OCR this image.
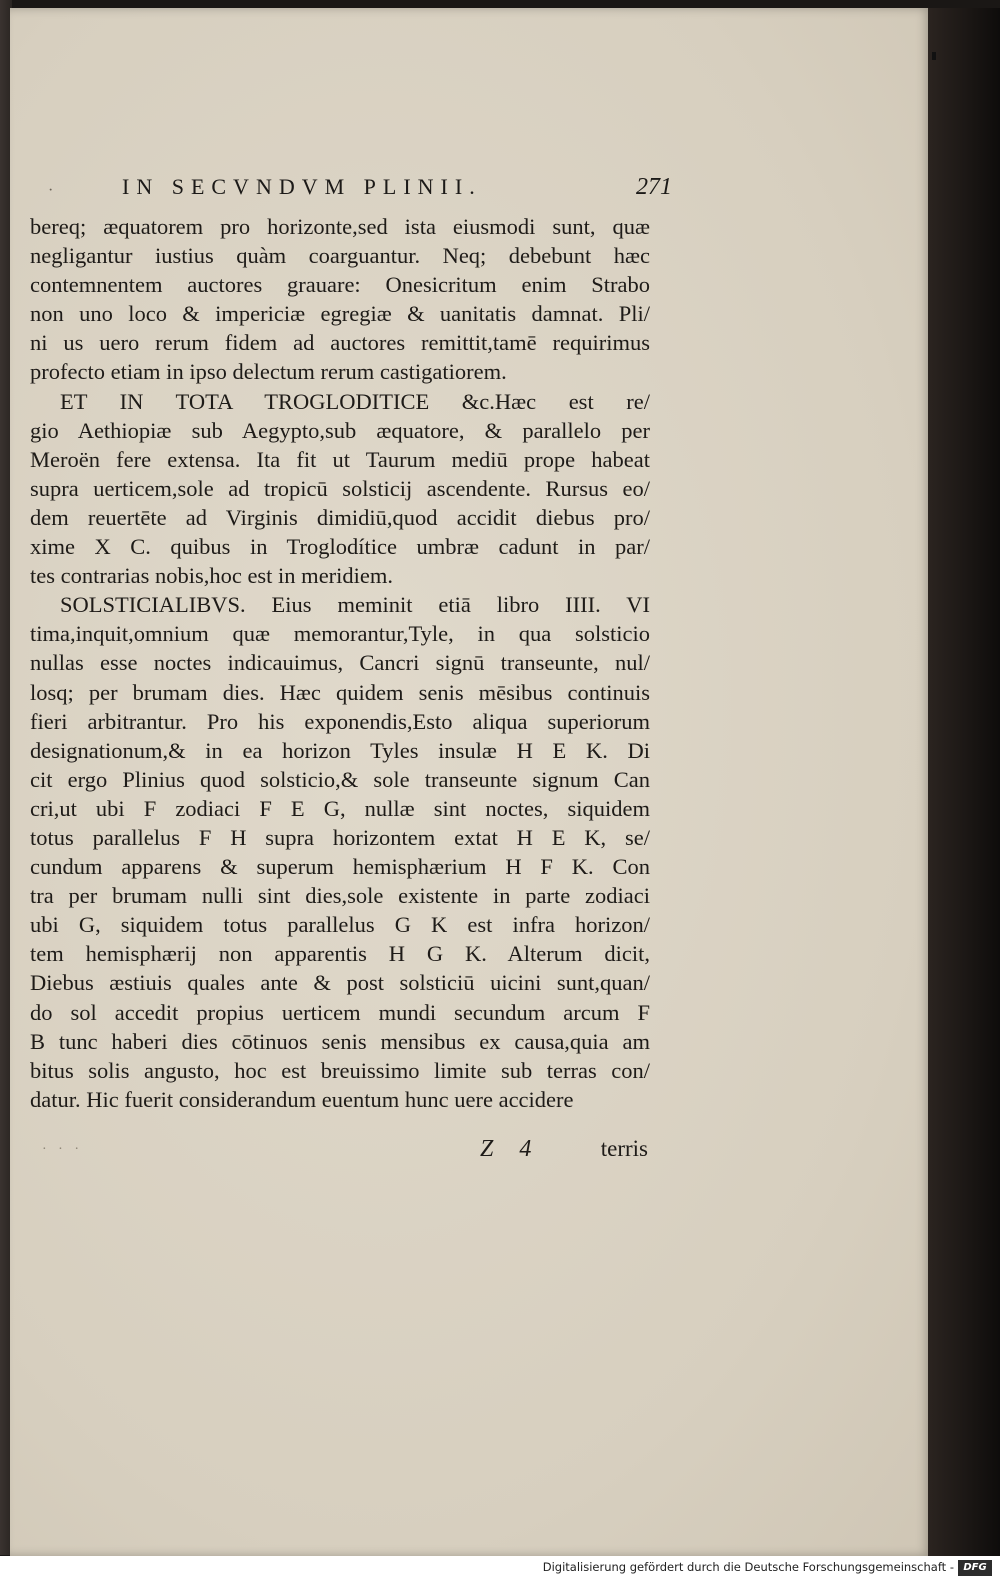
·	IN SECVNDVM PLINII.	271
bereq; æquatorem pro horizonte,sed ista eiusmodi sunt, quæ
negligantur iustius quàm coarguantur. Neq; debebunt hæc
contemnentem auctores grauare: Onesicritum enim Strabo
non uno loco & impericiæ egregiæ & uanitatis damnat. Pli/
ni us uero rerum fidem ad auctores remittit,tamē requirimus
profecto etiam in ipso delectum rerum castigatiorem.
ET IN TOTA TROGLODITICE &c.Hæc est re/
gio Aethiopiæ sub Aegypto,sub æquatore, & parallelo per
Meroën fere extensa. Ita fit ut Taurum mediū prope habeat
supra uerticem,sole ad tropicū solsticij ascendente. Rursus eo/
dem reuertēte ad Virginis dimidiū,quod accidit diebus pro/
xime X C. quibus in Troglodítice umbræ cadunt in par/
tes contrarias nobis,hoc est in meridiem.
SOLSTICIALIBVS. Eius meminit etiā libro IIII. VI
tima,inquit,omnium quæ memorantur,Tyle, in qua solsticio
nullas esse noctes indicauimus, Cancri signū transeunte, nul/
losq; per brumam dies. Hæc quidem senis mēsibus continuis
fieri arbitrantur. Pro his exponendis,Esto aliqua superiorum
designationum,& in ea horizon Tyles insulæ H E K. Di
cit ergo Plinius quod solsticio,& sole transeunte signum Can
cri,ut ubi F zodiaci F E G, nullæ sint noctes, siquidem
totus parallelus F H supra horizontem extat H E K, se/
cundum apparens & superum hemisphærium H F K. Con
tra per brumam nulli sint dies,sole existente in parte zodiaci
ubi G, siquidem totus parallelus G K est infra horizon/
tem hemisphærij non apparentis H G K. Alterum dicit,
Diebus æstiuis quales ante & post solsticiū uicini sunt,quan/
do sol accedit propius uerticem mundi secundum arcum F
B tunc haberi dies cōtinuos senis mensibus ex causa,quia am
bitus solis angusto, hoc est breuissimo limite sub terras con/
datur. Hic fuerit considerandum euentum hunc uere accidere
· · ·	Z 4	terris
Digitalisierung gefördert durch die Deutsche Forschungsgemeinschaft - DFG
